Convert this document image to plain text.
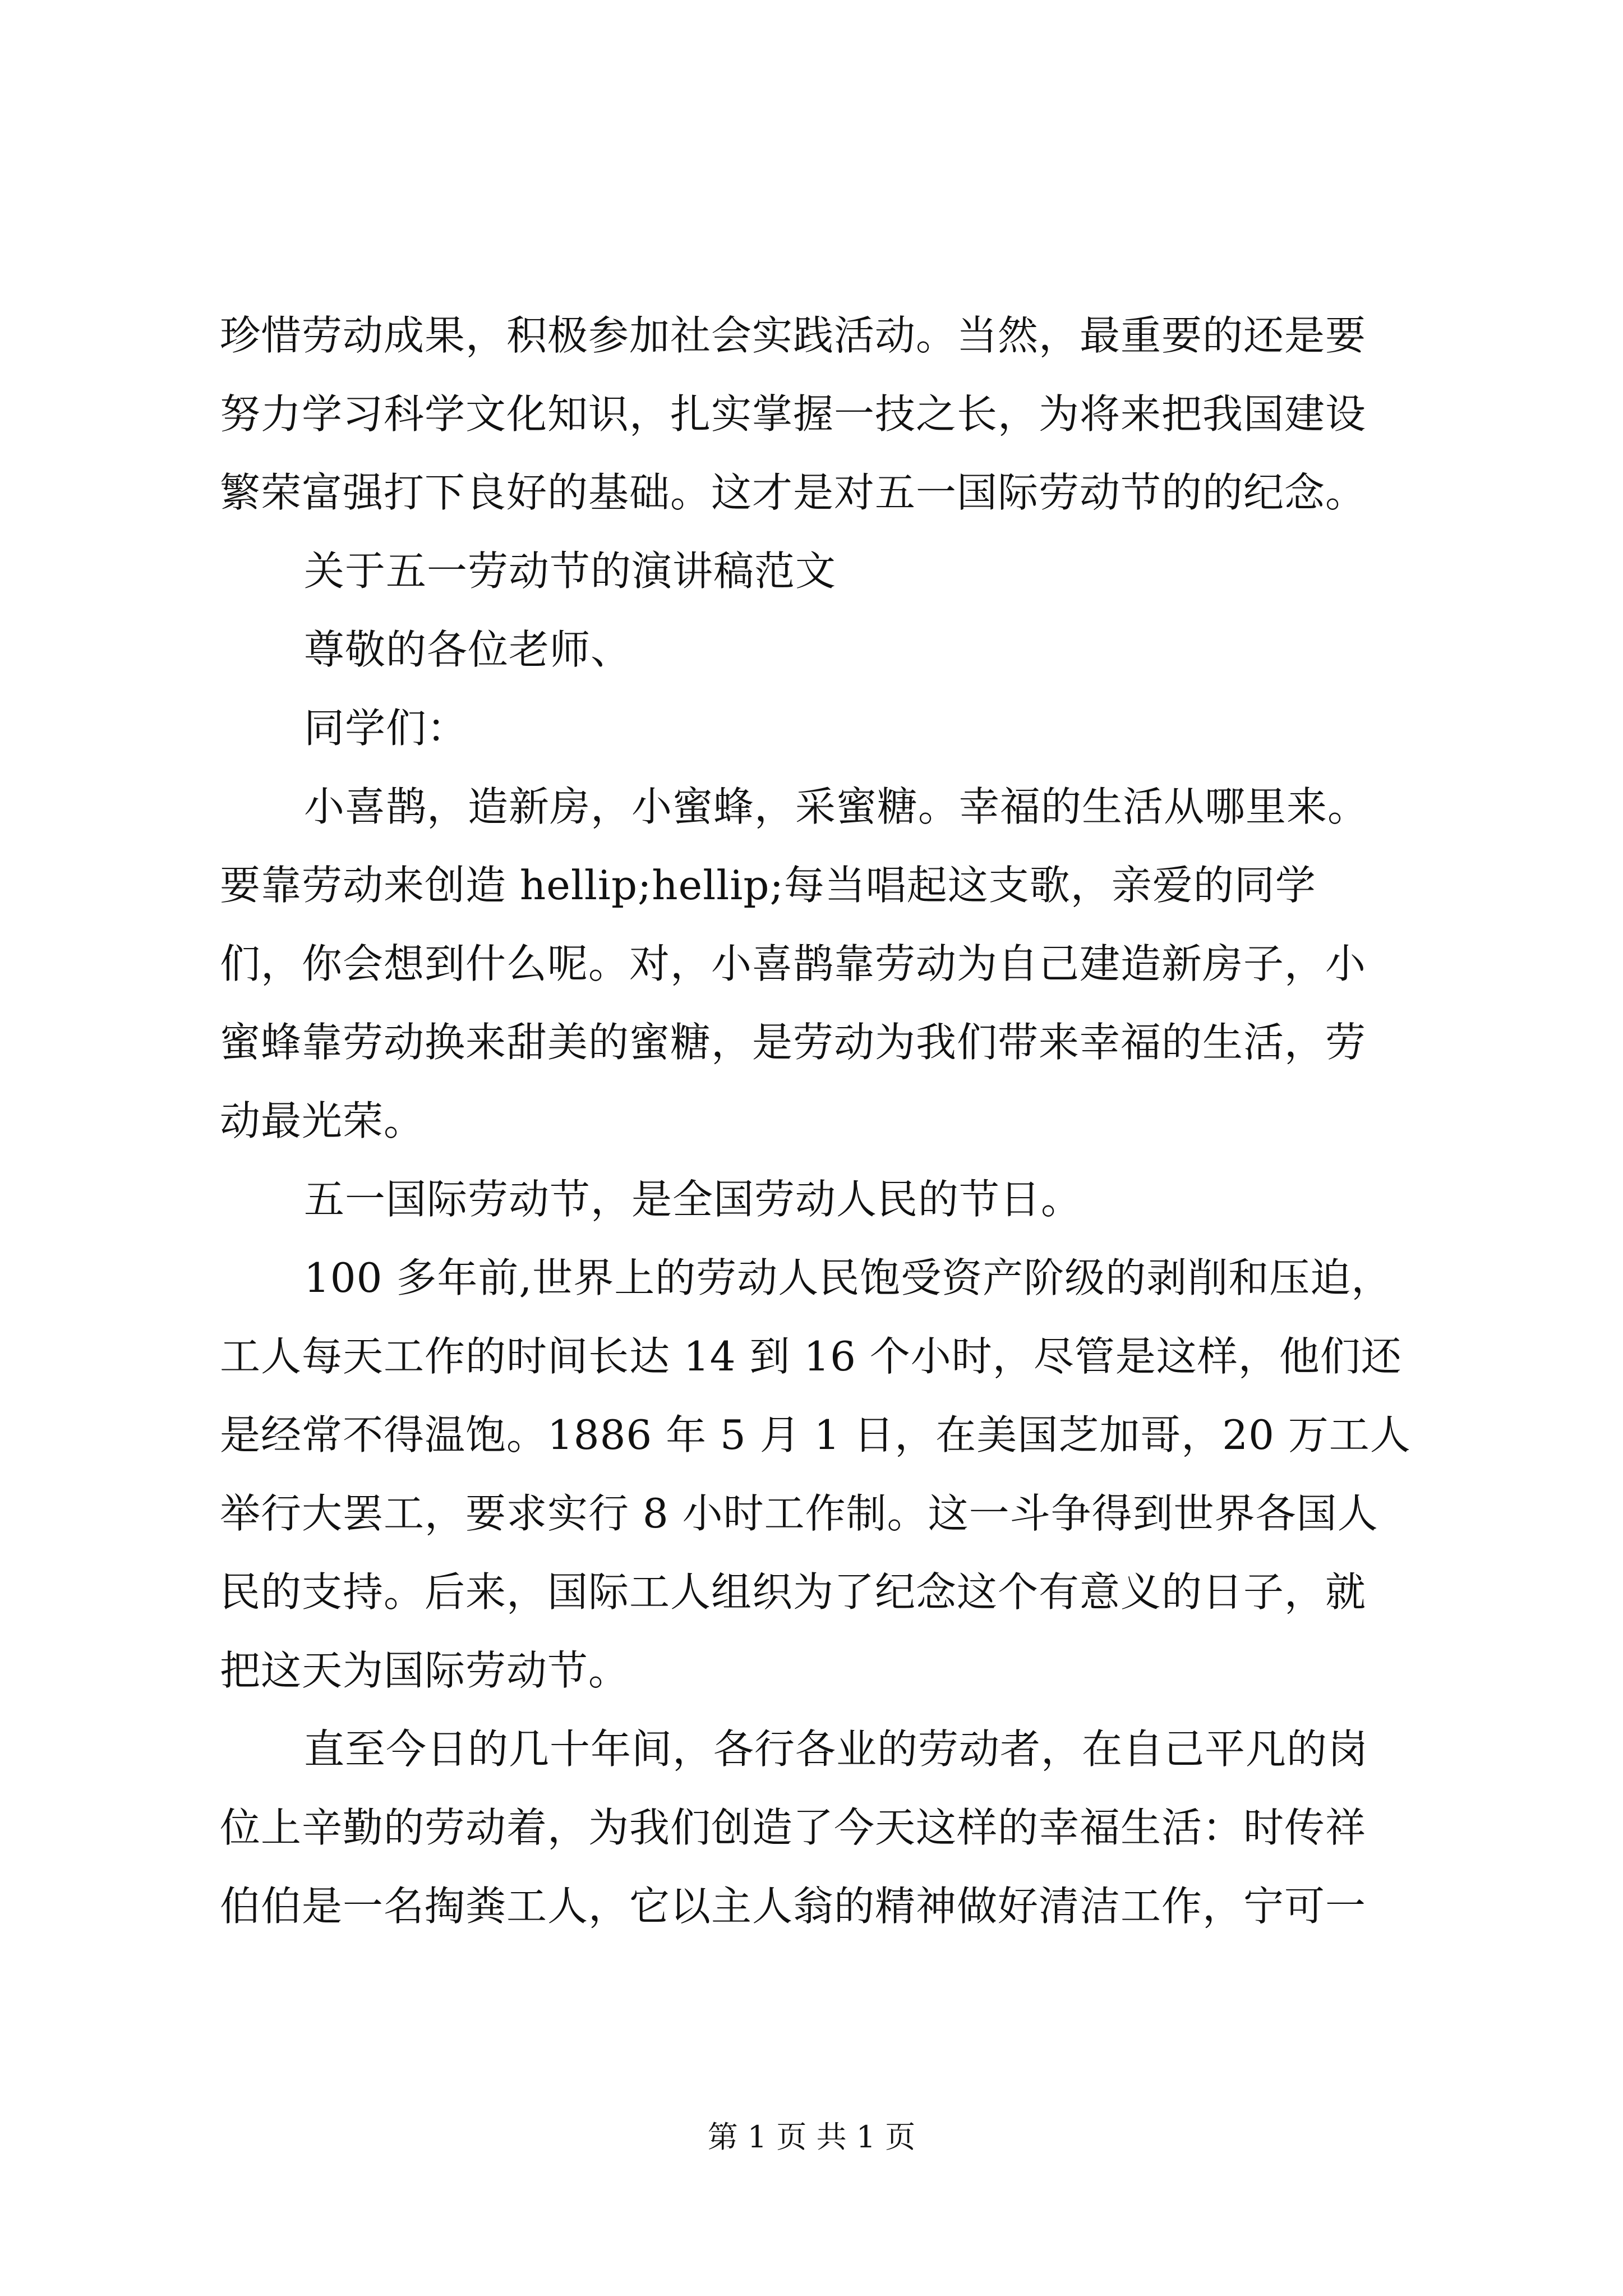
珍惜劳动成果，积极参加社会实践活动。当然，最重要的还是要
努力学习科学文化知识，扎实掌握一技之长，为将来把我国建设
繁荣富强打下良好的基础。这才是对五一国际劳动节的的纪念。
关于五一劳动节的演讲稿范文
尊敬的各位老师、
同学们：
小喜鹊，造新房，小蜜蜂，采蜜糖。幸福的生活从哪里来。
要靠劳动来创造 hellip;hellip;每当唱起这支歌，亲爱的同学
们，你会想到什么呢。对，小喜鹊靠劳动为自己建造新房子，小
蜜蜂靠劳动换来甜美的蜜糖，是劳动为我们带来幸福的生活，劳
动最光荣。
五一国际劳动节，是全国劳动人民的节日。
100 多年前,世界上的劳动人民饱受资产阶级的剥削和压迫，
工人每天工作的时间长达 14 到 16 个小时，尽管是这样，他们还
是经常不得温饱。1886 年 5 月 1 日，在美国芝加哥，20 万工人
举行大罢工，要求实行 8 小时工作制。这一斗争得到世界各国人
民的支持。后来，国际工人组织为了纪念这个有意义的日子，就
把这天为国际劳动节。
直至今日的几十年间，各行各业的劳动者，在自己平凡的岗
位上辛勤的劳动着，为我们创造了今天这样的幸福生活：时传祥
伯伯是一名掏粪工人，它以主人翁的精神做好清洁工作，宁可一
第 1 页 共 1 页
